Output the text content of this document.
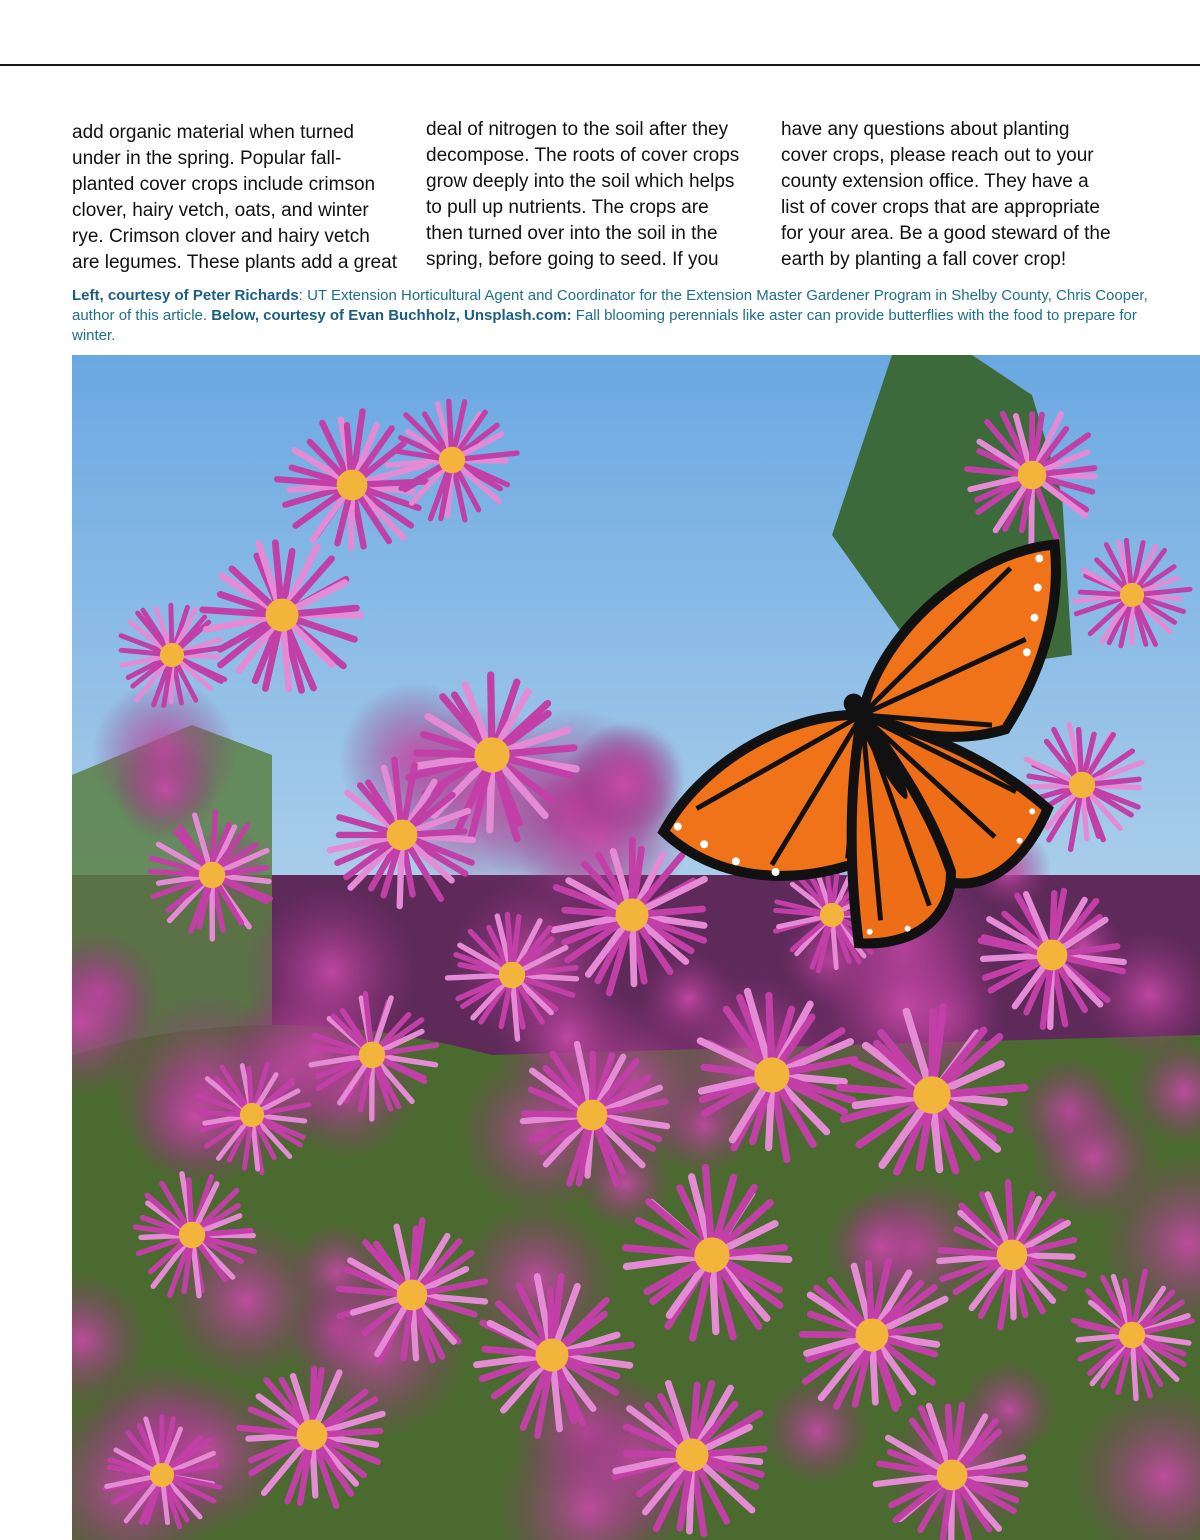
add organic material when turned
under in the spring. Popular fall-
planted cover crops include crimson
clover, hairy vetch, oats, and winter
rye. Crimson clover and hairy vetch
are legumes. These plants add a great
deal of nitrogen to the soil after they
decompose. The roots of cover crops
grow deeply into the soil which helps
to pull up nutrients. The crops are
then turned over into the soil in the
spring, before going to seed. If you
have any questions about planting
cover crops, please reach out to your
county extension office. They have a
list of cover crops that are appropriate
for your area. Be a good steward of the
earth by planting a fall cover crop!
Left, courtesy of Peter Richards: UT Extension Horticultural Agent and Coordinator for the Extension Master Gardener Program in Shelby County, Chris Cooper, author of this article. Below, courtesy of Evan Buchholz, Unsplash.com: Fall blooming perennials like aster can provide butterflies with the food to prepare for winter.
